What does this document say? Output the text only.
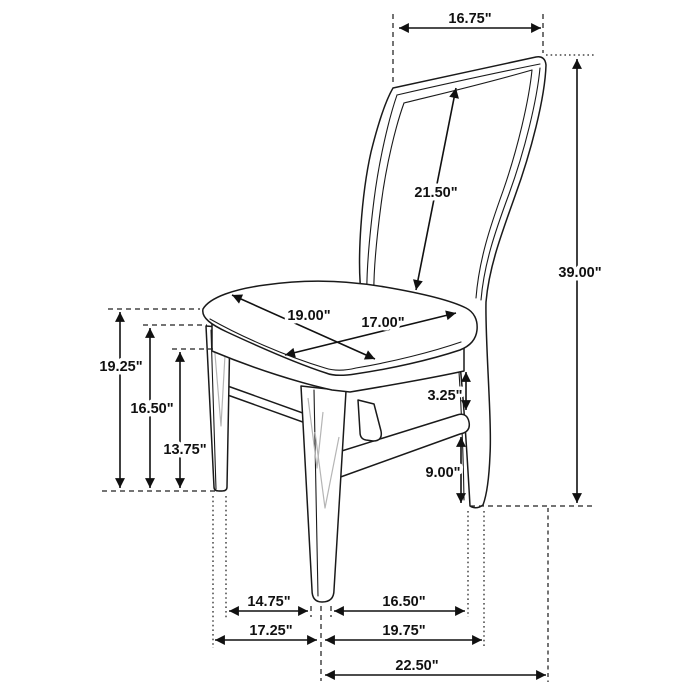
16.75"
39.00"
21.50"
19.00" 17.00"
19.25"
16.50"
13.75"
3.25"
9.00"
14.75"	16.50"
17.25"	19.75"
22.50"
